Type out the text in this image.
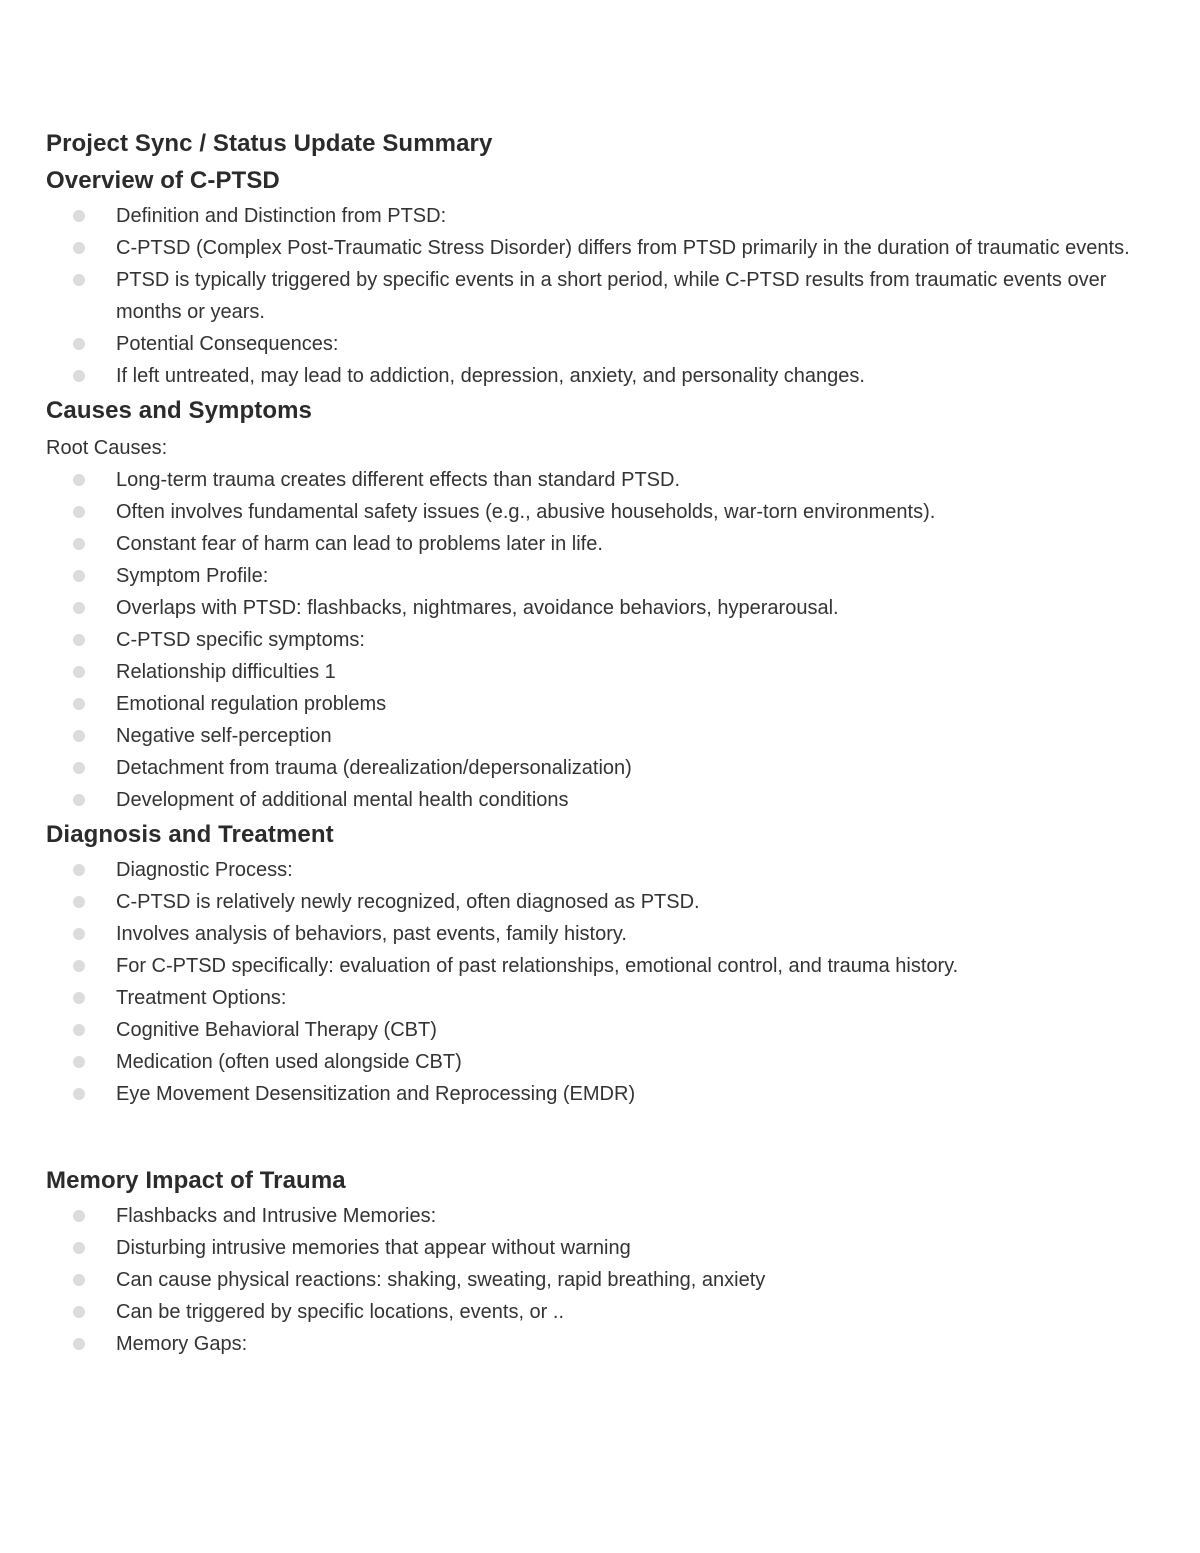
Project Sync / Status Update Summary
Overview of C-PTSD
Definition and Distinction from PTSD:
C-PTSD (Complex Post-Traumatic Stress Disorder) differs from PTSD primarily in the duration of traumatic events.
PTSD is typically triggered by specific events in a short period, while C-PTSD results from traumatic events over months or years.
Potential Consequences:
If left untreated, may lead to addiction, depression, anxiety, and personality changes.
Causes and Symptoms

Root Causes:

Long-term trauma creates different effects than standard PTSD.
Often involves fundamental safety issues (e.g., abusive households, war-torn environments).
Constant fear of harm can lead to problems later in life.
Symptom Profile:
Overlaps with PTSD: flashbacks, nightmares, avoidance behaviors, hyperarousal.
C-PTSD specific symptoms:
Relationship difficulties 1
Emotional regulation problems
Negative self-perception
Detachment from trauma (derealization/depersonalization)
Development of additional mental health conditions
Diagnosis and Treatment
Diagnostic Process:
C-PTSD is relatively newly recognized, often diagnosed as PTSD.
Involves analysis of behaviors, past events, family history.
For C-PTSD specifically: evaluation of past relationships, emotional control, and trauma history.
Treatment Options:
Cognitive Behavioral Therapy (CBT)
Medication (often used alongside CBT)
Eye Movement Desensitization and Reprocessing (EMDR)
Memory Impact of Trauma
Flashbacks and Intrusive Memories:
Disturbing intrusive memories that appear without warning
Can cause physical reactions: shaking, sweating, rapid breathing, anxiety
Can be triggered by specific locations, events, or ..
Memory Gaps:
